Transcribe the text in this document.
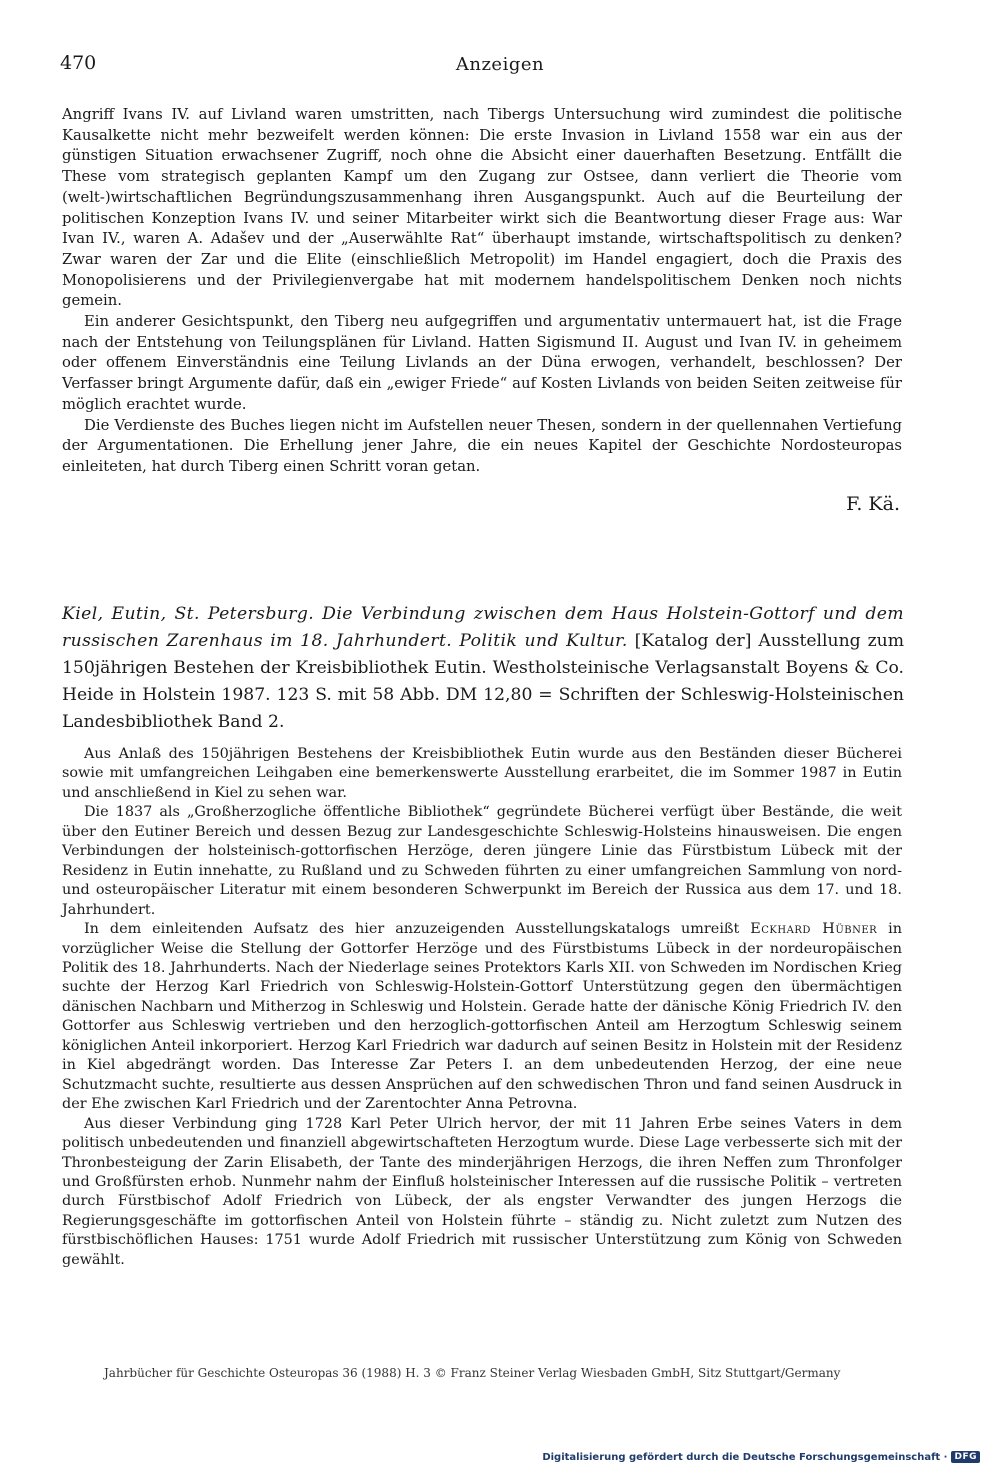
470	Anzeigen

Angriff Ivans IV. auf Livland waren umstritten, nach Tibergs Untersuchung wird zumindest die politische Kausalkette nicht mehr bezweifelt werden können: Die erste Invasion in Livland 1558 war ein aus der günstigen Situation erwachsener Zugriff, noch ohne die Absicht einer dauerhaften Besetzung. Entfällt die These vom strategisch geplanten Kampf um den Zugang zur Ostsee, dann verliert die Theorie vom (welt-)wirtschaftlichen Begründungszusammenhang ihren Ausgangspunkt. Auch auf die Beurteilung der politischen Konzeption Ivans IV. und seiner Mitarbeiter wirkt sich die Beantwortung dieser Frage aus: War Ivan IV., waren A. Adašev und der „Auserwählte Rat“ überhaupt imstande, wirtschaftspolitisch zu denken? Zwar waren der Zar und die Elite (einschließlich Metropolit) im Handel engagiert, doch die Praxis des Monopolisierens und der Privilegienvergabe hat mit modernem handelspolitischem Denken noch nichts gemein.

Ein anderer Gesichtspunkt, den Tiberg neu aufgegriffen und argumentativ untermauert hat, ist die Frage nach der Entstehung von Teilungsplänen für Livland. Hatten Sigismund II. August und Ivan IV. in geheimem oder offenem Einverständnis eine Teilung Livlands an der Düna erwogen, verhandelt, beschlossen? Der Verfasser bringt Argumente dafür, daß ein „ewiger Friede“ auf Kosten Livlands von beiden Seiten zeitweise für möglich erachtet wurde.

Die Verdienste des Buches liegen nicht im Aufstellen neuer Thesen, sondern in der quellennahen Vertiefung der Argumentationen. Die Erhellung jener Jahre, die ein neues Kapitel der Geschichte Nordosteuropas einleiteten, hat durch Tiberg einen Schritt voran getan.

F. Kä.
Kiel, Eutin, St. Petersburg. Die Verbindung zwischen dem Haus Holstein-Gottorf und dem russischen Zarenhaus im 18. Jahrhundert. Politik und Kultur. [Katalog der] Ausstellung zum 150jährigen Bestehen der Kreisbibliothek Eutin. Westholsteinische Verlagsanstalt Boyens & Co. Heide in Holstein 1987. 123 S. mit 58 Abb. DM 12,80 = Schriften der Schleswig-Holsteinischen Landesbibliothek Band 2.

Aus Anlaß des 150jährigen Bestehens der Kreisbibliothek Eutin wurde aus den Beständen dieser Bücherei sowie mit umfangreichen Leihgaben eine bemerkenswerte Ausstellung erarbeitet, die im Sommer 1987 in Eutin und anschließend in Kiel zu sehen war.

Die 1837 als „Großherzogliche öffentliche Bibliothek“ gegründete Bücherei verfügt über Bestände, die weit über den Eutiner Bereich und dessen Bezug zur Landesgeschichte Schleswig-Holsteins hinausweisen. Die engen Verbindungen der holsteinisch-gottorfischen Herzöge, deren jüngere Linie das Fürstbistum Lübeck mit der Residenz in Eutin innehatte, zu Rußland und zu Schweden führten zu einer umfangreichen Sammlung von nord- und osteuropäischer Literatur mit einem besonderen Schwerpunkt im Bereich der Russica aus dem 17. und 18. Jahrhundert.

In dem einleitenden Aufsatz des hier anzuzeigenden Ausstellungskatalogs umreißt Eckhard Hübner in vorzüglicher Weise die Stellung der Gottorfer Herzöge und des Fürstbistums Lübeck in der nordeuropäischen Politik des 18. Jahrhunderts. Nach der Niederlage seines Protektors Karls XII. von Schweden im Nordischen Krieg suchte der Herzog Karl Friedrich von Schleswig-Holstein-Gottorf Unterstützung gegen den übermächtigen dänischen Nachbarn und Mitherzog in Schleswig und Holstein. Gerade hatte der dänische König Friedrich IV. den Gottorfer aus Schleswig vertrieben und den herzoglich-gottorfischen Anteil am Herzogtum Schleswig seinem königlichen Anteil inkorporiert. Herzog Karl Friedrich war dadurch auf seinen Besitz in Holstein mit der Residenz in Kiel abgedrängt worden. Das Interesse Zar Peters I. an dem unbedeutenden Herzog, der eine neue Schutzmacht suchte, resultierte aus dessen Ansprüchen auf den schwedischen Thron und fand seinen Ausdruck in der Ehe zwischen Karl Friedrich und der Zarentochter Anna Petrovna.

Aus dieser Verbindung ging 1728 Karl Peter Ulrich hervor, der mit 11 Jahren Erbe seines Vaters in dem politisch unbedeutenden und finanziell abgewirtschafteten Herzogtum wurde. Diese Lage verbesserte sich mit der Thronbesteigung der Zarin Elisabeth, der Tante des minderjährigen Herzogs, die ihren Neffen zum Thronfolger und Großfürsten erhob. Nunmehr nahm der Einfluß holsteinischer Interessen auf die russische Politik – vertreten durch Fürstbischof Adolf Friedrich von Lübeck, der als engster Verwandter des jungen Herzogs die Regierungsgeschäfte im gottorfischen Anteil von Holstein führte – ständig zu. Nicht zuletzt zum Nutzen des fürstbischöflichen Hauses: 1751 wurde Adolf Friedrich mit russischer Unterstützung zum König von Schweden gewählt.

Jahrbücher für Geschichte Osteuropas 36 (1988) H. 3 © Franz Steiner Verlag Wiesbaden GmbH, Sitz Stuttgart/Germany
Digitalisierung gefördert durch die Deutsche Forschungsgemeinschaft · DFG
